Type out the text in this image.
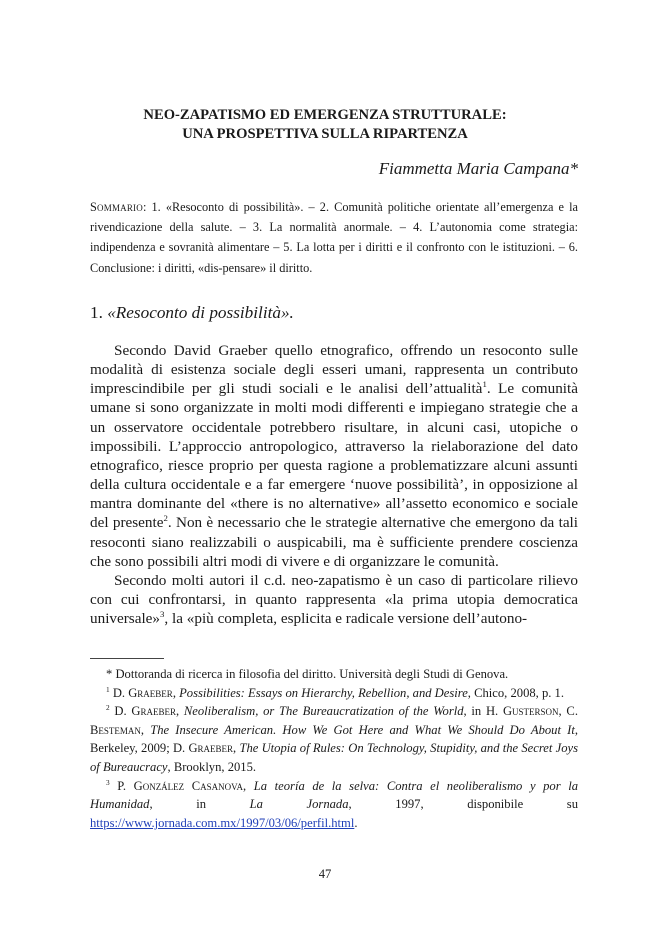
NEO-ZAPATISMO ED EMERGENZA STRUTTURALE:
UNA PROSPETTIVA SULLA RIPARTENZA
Fiammetta Maria Campana*
Sommario: 1. «Resoconto di possibilità». – 2. Comunità politiche orientate all’emergenza e la rivendicazione della salute. – 3. La normalità anormale. – 4. L’autonomia come strategia: indipendenza e sovranità alimentare – 5. La lotta per i diritti e il confronto con le istituzioni. – 6. Conclusione: i diritti, «dis-pensare» il diritto.
1. «Resoconto di possibilità».

Secondo David Graeber quello etnografico, offrendo un resoconto sulle modalità di esistenza sociale degli esseri umani, rappresenta un contributo imprescindibile per gli studi sociali e le analisi dell’attualità$^1$. Le comunità umane si sono organizzate in molti modi differenti e impiegano strategie che a un osservatore occidentale potrebbero risultare, in alcuni casi, utopiche o impossibili. L’approccio antropologico, attraverso la rielaborazione del dato etnografico, riesce proprio per questa ragione a problematizzare alcuni assunti della cultura occidentale e a far emergere ‘nuove possibilità’, in opposizione al mantra dominante del «there is no alternative» all’assetto economico e sociale del presente$^2$. Non è necessario che le strategie alternative che emergono da tali resoconti siano realizzabili o auspicabili, ma è sufficiente prendere coscienza che sono possibili altri modi di vivere e di organizzare le comunità.

Secondo molti autori il c.d. neo-zapatismo è un caso di particolare rilievo con cui confrontarsi, in quanto rappresenta «la prima utopia democratica universale»$^3$, la «più completa, esplicita e radicale versione dell’autono-

* Dottoranda di ricerca in filosofia del diritto. Università degli Studi di Genova.

$^1$ D. Graeber, Possibilities: Essays on Hierarchy, Rebellion, and Desire, Chico, 2008, p. 1.

$^2$ D. Graeber, Neoliberalism, or The Bureaucratization of the World, in H. Gusterson, C. Besteman, The Insecure American. How We Got Here and What We Should Do About It, Berkeley, 2009; D. Graeber, The Utopia of Rules: On Technology, Stupidity, and the Secret Joys of Bureaucracy, Brooklyn, 2015.

$^3$ P. González Casanova, La teoría de la selva: Contra el neoliberalismo y por la Humanidad, in La Jornada, 1997, disponibile su https://www.jornada.com.mx/1997/03/06/perfil.html.

47
